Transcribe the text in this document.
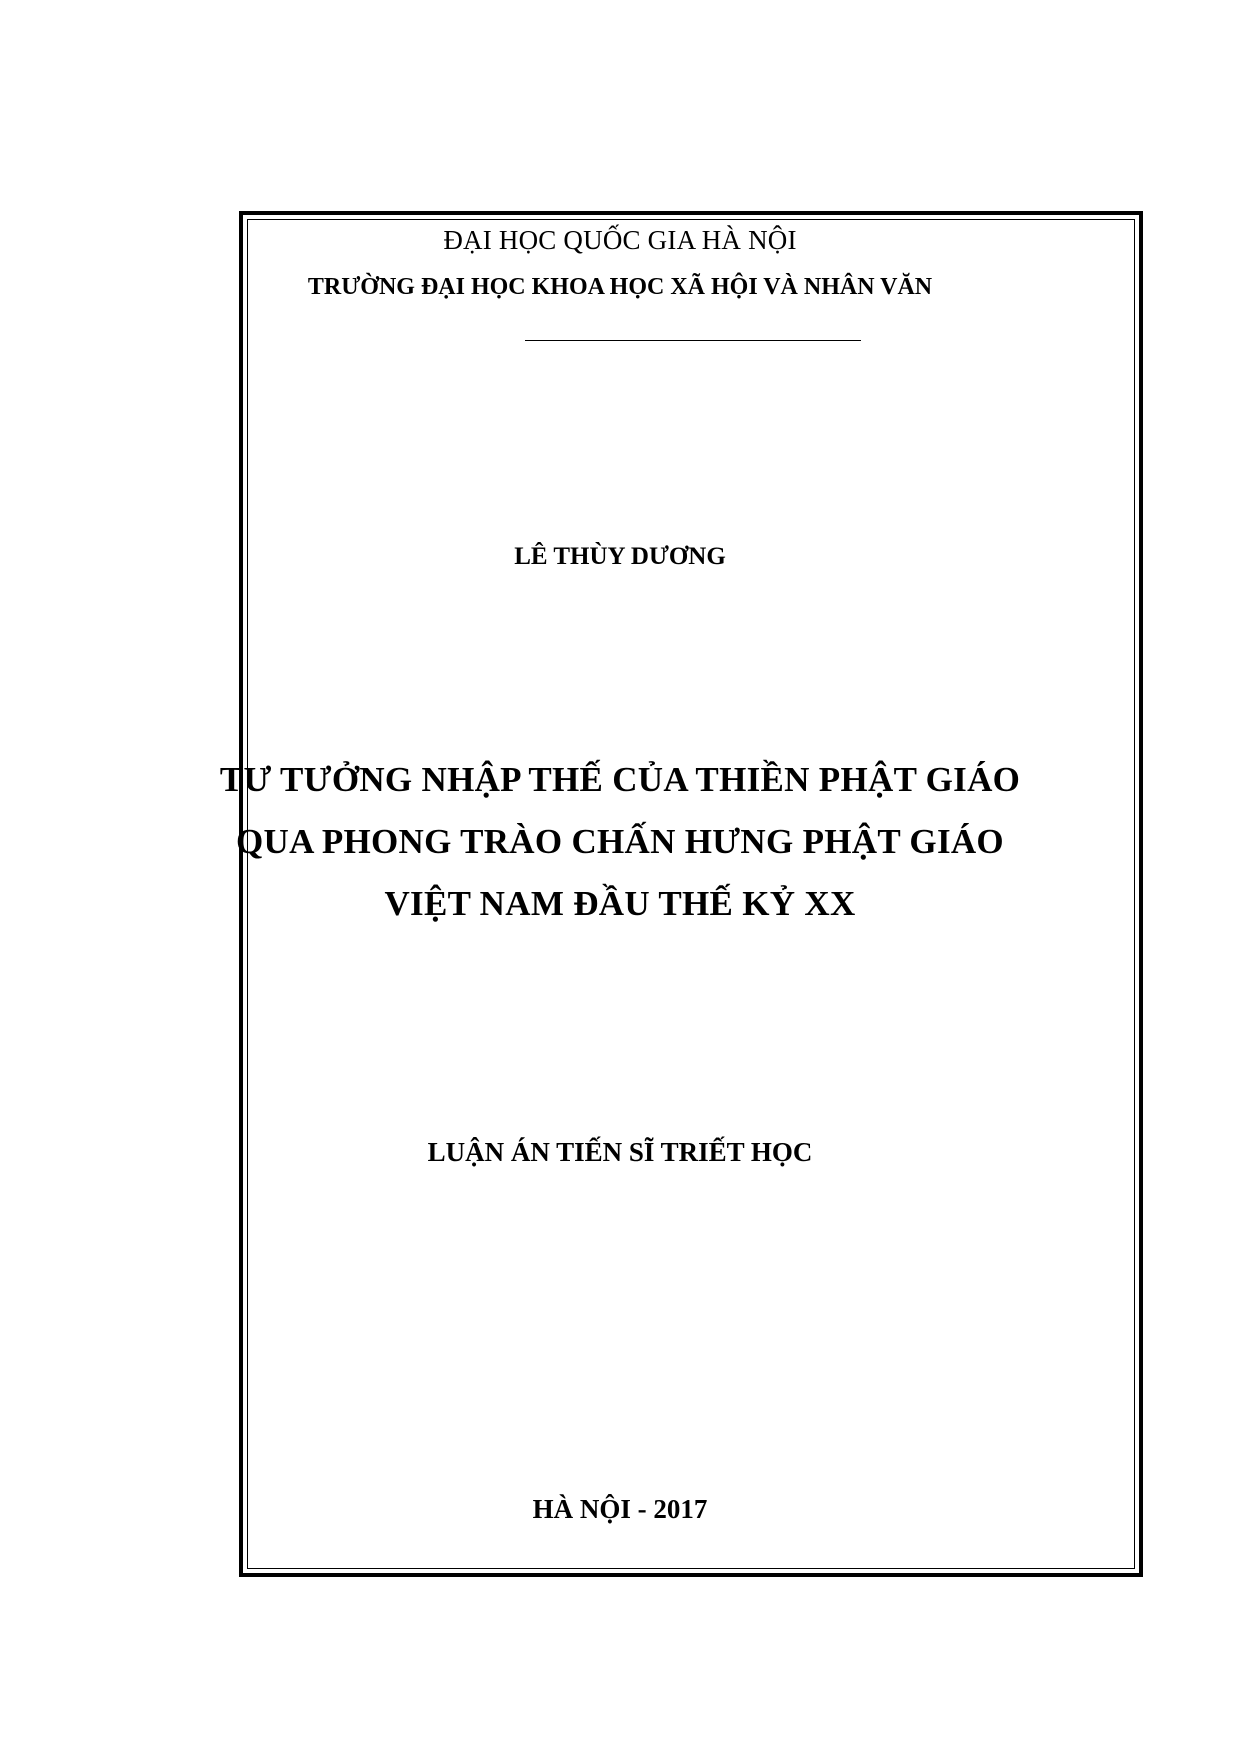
ĐẠI HỌC QUỐC GIA HÀ NỘI
TRƯỜNG ĐẠI HỌC KHOA HỌC XÃ HỘI VÀ NHÂN VĂN
LÊ THÙY DƯƠNG
TƯ TƯỞNG NHẬP THẾ CỦA THIỀN PHẬT GIÁO
QUA PHONG TRÀO CHẤN HƯNG PHẬT GIÁO
VIỆT NAM ĐẦU THẾ KỶ XX
LUẬN ÁN TIẾN SĨ TRIẾT HỌC
HÀ NỘI - 2017
